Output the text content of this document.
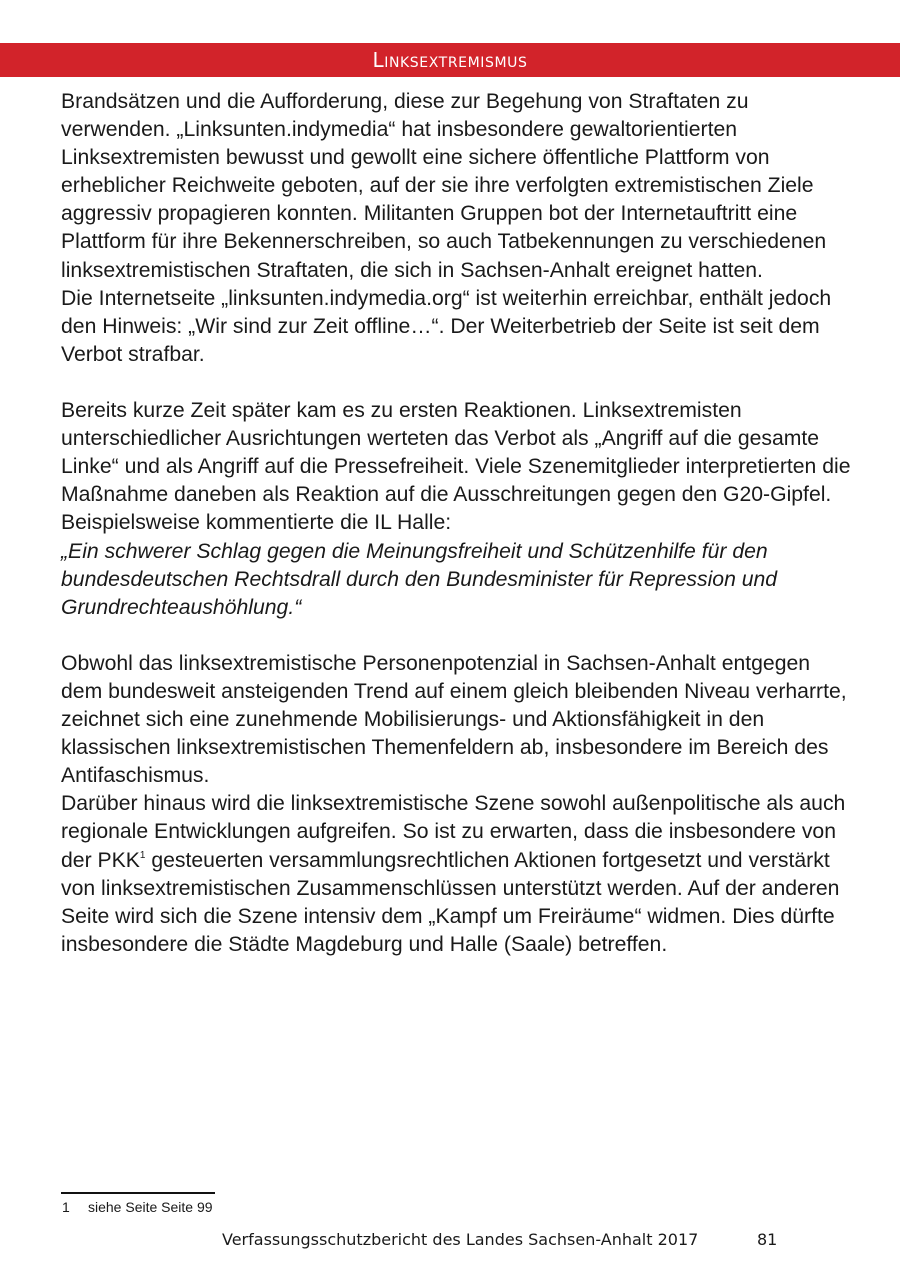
Linksextremismus

Brandsätzen und die Aufforderung, diese zur Begehung von Straftaten zu verwenden. „Linksunten.indymedia“ hat insbesondere gewaltorientierten Linksextremisten bewusst und gewollt eine sichere öffentliche Plattform von erheblicher Reichweite geboten, auf der sie ihre verfolgten extremistischen Ziele aggressiv propagieren konnten. Militanten Gruppen bot der Internetauftritt eine Plattform für ihre Bekennerschreiben, so auch Tatbekennungen zu verschiedenen linksextremistischen Straftaten, die sich in Sachsen-Anhalt ereignet hatten.

Die Internetseite „linksunten.indymedia.org“ ist weiterhin erreichbar, enthält jedoch den Hinweis: „Wir sind zur Zeit offline…“. Der Weiterbetrieb der Seite ist seit dem Verbot strafbar.

Bereits kurze Zeit später kam es zu ersten Reaktionen. Linksextremisten unterschiedlicher Ausrichtungen werteten das Verbot als „Angriff auf die gesamte Linke“ und als Angriff auf die Pressefreiheit. Viele Szenemitglieder interpretierten die Maßnahme daneben als Reaktion auf die Ausschreitungen gegen den G20-Gipfel. Beispielsweise kommentierte die IL Halle:

„Ein schwerer Schlag gegen die Meinungsfreiheit und Schützenhilfe für den bundesdeutschen Rechtsdrall durch den Bundesminister für Repression und Grundrechteaushöhlung.“

Obwohl das linksextremistische Personenpotenzial in Sachsen-Anhalt entgegen dem bundesweit ansteigenden Trend auf einem gleich bleibenden Niveau verharrte, zeichnet sich eine zunehmende Mobilisierungs- und Aktionsfähigkeit in den klassischen linksextremistischen Themenfeldern ab, insbesondere im Bereich des Antifaschismus.

Darüber hinaus wird die linksextremistische Szene sowohl außenpolitische als auch regionale Entwicklungen aufgreifen. So ist zu erwarten, dass die insbesondere von der PKK$^1$ gesteuerten versammlungsrechtlichen Aktionen fortgesetzt und verstärkt von linksextremistischen Zusammenschlüssen unterstützt werden. Auf der anderen Seite wird sich die Szene intensiv dem „Kampf um Freiräume“ widmen. Dies dürfte insbesondere die Städte Magdeburg und Halle (Saale) betreffen.

1 siehe Seite Seite 99
Verfassungsschutzbericht des Landes Sachsen-Anhalt 2017	81
